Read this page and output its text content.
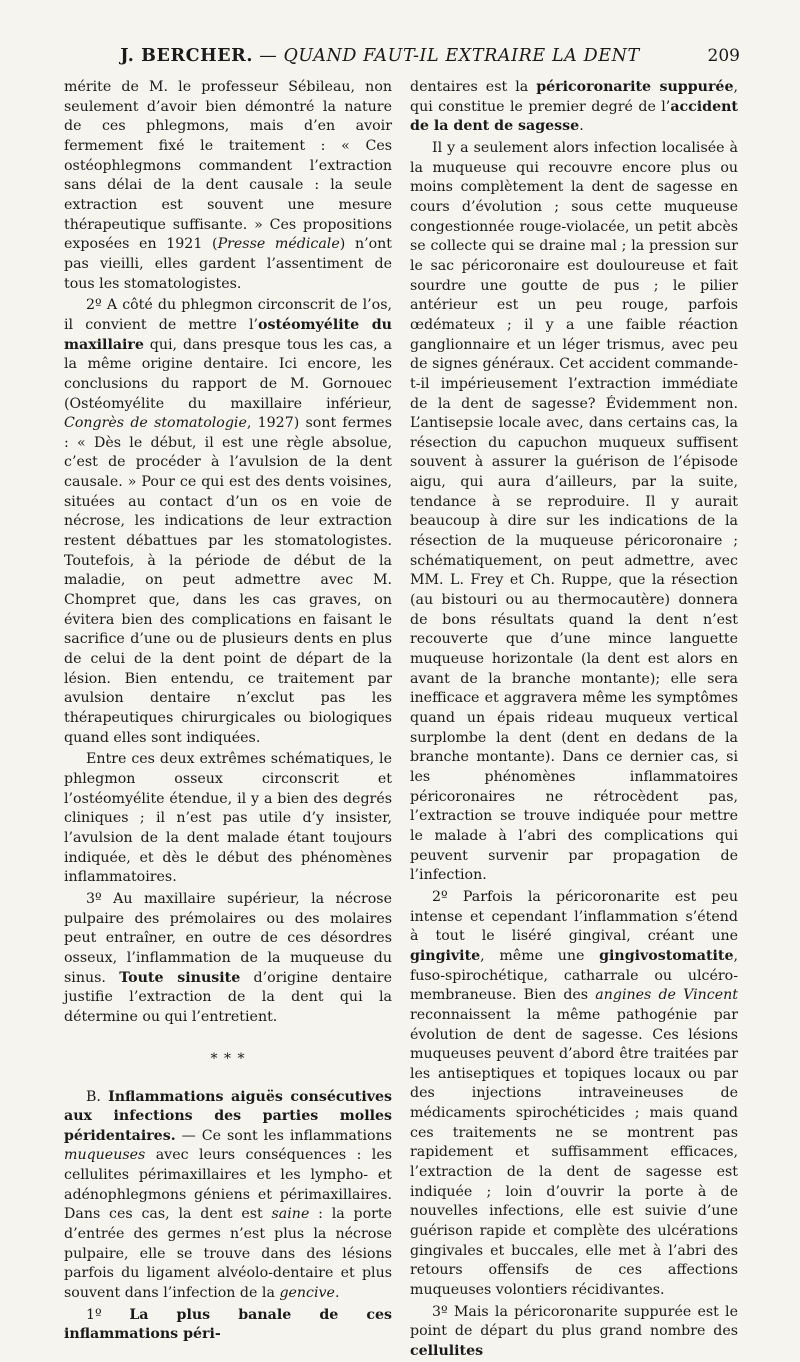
J. BERCHER. — QUAND FAUT-IL EXTRAIRE LA DENT	209

mérite de M. le professeur Sébileau, non seulement d’avoir bien démontré la nature de ces phlegmons, mais d’en avoir fermement fixé le traitement : « Ces ostéophlegmons commandent l’extraction sans délai de la dent causale : la seule extraction est souvent une mesure thérapeutique suffisante. » Ces propositions exposées en 1921 (Presse médicale) n’ont pas vieilli, elles gardent l’assentiment de tous les stomatologistes.

2º A côté du phlegmon circonscrit de l’os, il convient de mettre l’ostéomyélite du maxillaire qui, dans presque tous les cas, a la même origine dentaire. Ici encore, les conclusions du rapport de M. Gornouec (Ostéomyélite du maxillaire inférieur, Congrès de stomatologie, 1927) sont fermes : « Dès le début, il est une règle absolue, c’est de procéder à l’avulsion de la dent causale. » Pour ce qui est des dents voisines, situées au contact d’un os en voie de nécrose, les indications de leur extraction restent débattues par les stomatologistes. Toutefois, à la période de début de la maladie, on peut admettre avec M. Chompret que, dans les cas graves, on évitera bien des complications en faisant le sacrifice d’une ou de plusieurs dents en plus de celui de la dent point de départ de la lésion. Bien entendu, ce traitement par avulsion dentaire n’exclut pas les thérapeutiques chirurgicales ou biologiques quand elles sont indiquées.

Entre ces deux extrêmes schématiques, le phlegmon osseux circonscrit et l’ostéomyélite étendue, il y a bien des degrés cliniques ; il n’est pas utile d’y insister, l’avulsion de la dent malade étant toujours indiquée, et dès le début des phénomènes inflammatoires.

3º Au maxillaire supérieur, la nécrose pulpaire des prémolaires ou des molaires peut entraîner, en outre de ces désordres osseux, l’inflammation de la muqueuse du sinus. Toute sinusite d’origine dentaire justifie l’extraction de la dent qui la détermine ou qui l’entretient.

* * *

B. Inflammations aiguës consécutives aux infections des parties molles péridentaires. — Ce sont les inflammations muqueuses avec leurs conséquences : les cellulites périmaxillaires et les lympho- et adénophlegmons géniens et périmaxillaires. Dans ces cas, la dent est saine : la porte d’entrée des germes n’est plus la nécrose pulpaire, elle se trouve dans des lésions parfois du ligament alvéolo-dentaire et plus souvent dans l’infection de la gencive.

1º La plus banale de ces inflammations péri-

dentaires est la péricoronarite suppurée, qui constitue le premier degré de l’accident de la dent de sagesse.

Il y a seulement alors infection localisée à la muqueuse qui recouvre encore plus ou moins complètement la dent de sagesse en cours d’évolution ; sous cette muqueuse congestionnée rouge-violacée, un petit abcès se collecte qui se draine mal ; la pression sur le sac péricoronaire est douloureuse et fait sourdre une goutte de pus ; le pilier antérieur est un peu rouge, parfois œdémateux ; il y a une faible réaction ganglionnaire et un léger trismus, avec peu de signes généraux. Cet accident commande-t-il impérieusement l’extraction immédiate de la dent de sagesse? Évidemment non. L’antisepsie locale avec, dans certains cas, la résection du capuchon muqueux suffisent souvent à assurer la guérison de l’épisode aigu, qui aura d’ailleurs, par la suite, tendance à se reproduire. Il y aurait beaucoup à dire sur les indications de la résection de la muqueuse péricoronaire ; schématiquement, on peut admettre, avec MM. L. Frey et Ch. Ruppe, que la résection (au bistouri ou au thermocautère) donnera de bons résultats quand la dent n’est recouverte que d’une mince languette muqueuse horizontale (la dent est alors en avant de la branche montante); elle sera inefficace et aggravera même les symptômes quand un épais rideau muqueux vertical surplombe la dent (dent en dedans de la branche montante). Dans ce dernier cas, si les phénomènes inflammatoires péricoronaires ne rétrocèdent pas, l’extraction se trouve indiquée pour mettre le malade à l’abri des complications qui peuvent survenir par propagation de l’infection.

2º Parfois la péricoronarite est peu intense et cependant l’inflammation s’étend à tout le liséré gingival, créant une gingivite, même une gingivostomatite, fuso-spirochétique, catharrale ou ulcéro-membraneuse. Bien des angines de Vincent reconnaissent la même pathogénie par évolution de dent de sagesse. Ces lésions muqueuses peuvent d’abord être traitées par les antiseptiques et topiques locaux ou par des injections intraveineuses de médicaments spirochéticides ; mais quand ces traitements ne se montrent pas rapidement et suffisamment efficaces, l’extraction de la dent de sagesse est indiquée ; loin d’ouvrir la porte à de nouvelles infections, elle est suivie d’une guérison rapide et complète des ulcérations gingivales et buccales, elle met à l’abri des retours offensifs de ces affections muqueuses volontiers récidivantes.

3º Mais la péricoronarite suppurée est le point de départ du plus grand nombre des cellulites
